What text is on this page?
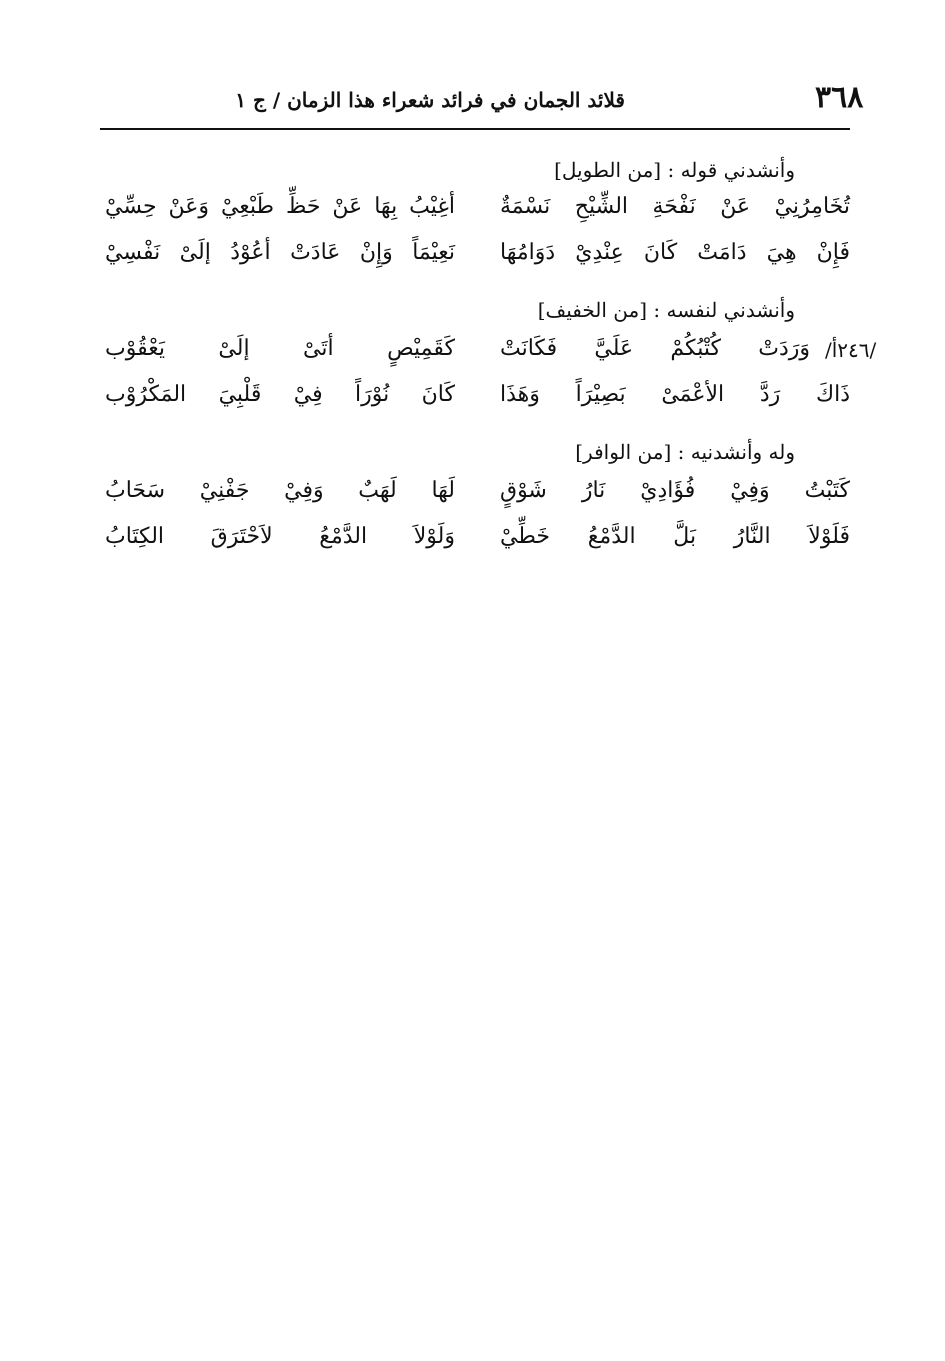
٣٦٨
قلائد الجمان في فرائد شعراء هذا الزمان / ج ١
وأنشدني قوله : [من الطويل]
تُخَامِرُنِيْ عَنْ نَفْحَةِ الشِّيْحِ نَسْمَةٌ
أغِيْبُ بِهَا عَنْ حَظِّ طَبْعِيْ وَعَنْ حِسِّيْ
فَإِنْ هِيَ دَامَتْ كَانَ عِنْدِيْ دَوَامُهَا
نَعِيْمَاً وَإِنْ عَادَتْ أعُوْدُ إلَىْ نَفْسِيْ
وأنشدني لنفسه : [من الخفيف]
/٢٤٦أ/
وَرَدَتْ كُتْبُكُمْ عَلَيَّ فَكَانَتْ
كَقَمِيْصٍ أتَىْ إلَىْ يَعْقُوْب
ذَاكَ رَدَّ الأعْمَىْ بَصِيْرَاً وَهَذَا
كَانَ نُوْرَاً فِيْ قَلْبِيَ المَكْرُوْب
وله وأنشدنيه : [من الوافر]
كَتَبْتُ وَفِيْ فُؤَادِيْ نَارُ شَوْقٍ
لَهَا لَهَبٌ وَفِيْ جَفْنِيْ سَحَابُ
فَلَوْلاَ النَّارُ بَلَّ الدَّمْعُ خَطِّيْ
وَلَوْلاَ الدَّمْعُ لاَحْتَرَقَ الكِتَابُ
